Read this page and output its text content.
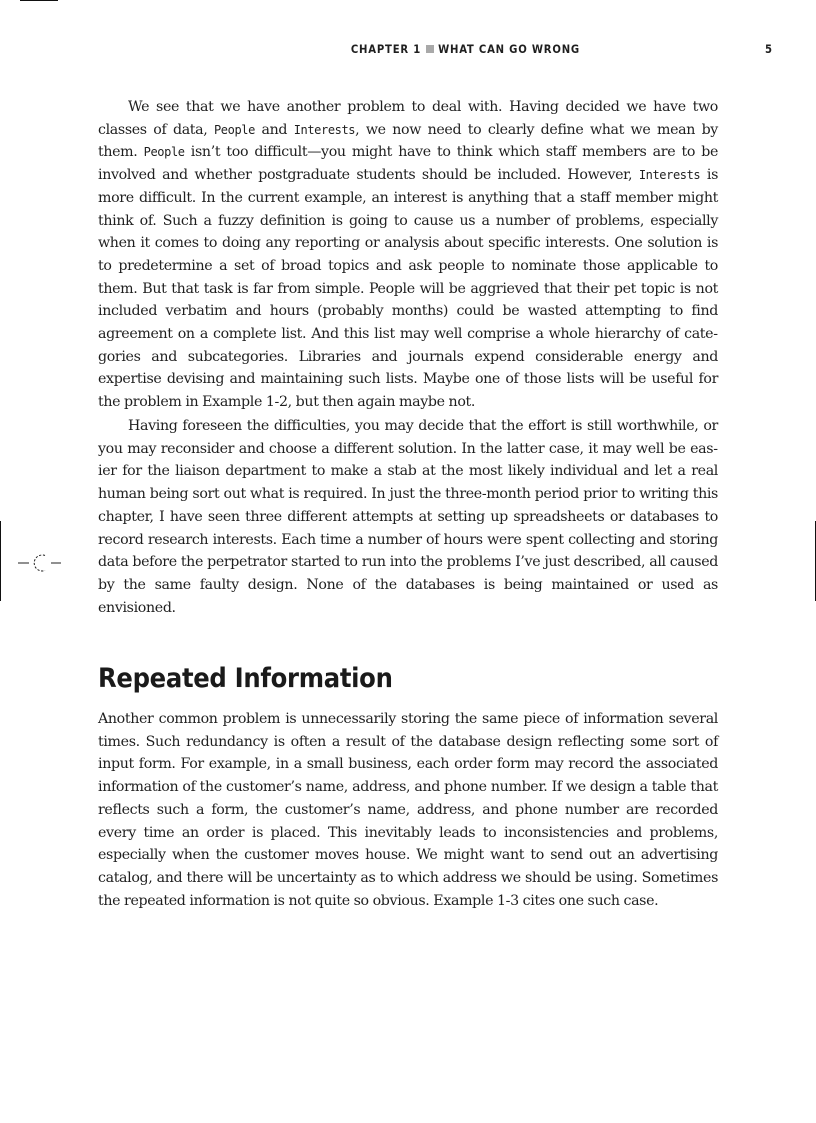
CHAPTER 1 WHAT CAN GO WRONG	5

We see that we have another problem to deal with. Having decided we have two classes of data, People and Interests, we now need to clearly define what we mean by them. People isn’t too difficult—you might have to think which staff members are to be involved and whether postgraduate students should be included. However, Interests is more difficult. In the current example, an interest is anything that a staff member might think of. Such a fuzzy definition is going to cause us a number of problems, especially when it comes to doing any reporting or analysis about specific interests. One solution is to predetermine a set of broad topics and ask people to nominate those applicable to them. But that task is far from simple. People will be aggrieved that their pet topic is not included verbatim and hours (probably months) could be wasted attempting to find agreement on a complete list. And this list may well comprise a whole hierarchy of categories and subcategories. Libraries and journals expend considerable energy and expertise devising and maintaining such lists. Maybe one of those lists will be useful for the problem in Example 1-2, but then again maybe not.

Having foreseen the difficulties, you may decide that the effort is still worthwhile, or you may reconsider and choose a different solution. In the latter case, it may well be easier for the liaison department to make a stab at the most likely individual and let a real human being sort out what is required. In just the three-month period prior to writing this chapter, I have seen three different attempts at setting up spreadsheets or databases to record research interests. Each time a number of hours were spent collecting and storing data before the perpetrator started to run into the problems I’ve just described, all caused by the same faulty design. None of the databases is being maintained or used as envisioned.

Repeated Information

Another common problem is unnecessarily storing the same piece of information several times. Such redundancy is often a result of the database design reflecting some sort of input form. For example, in a small business, each order form may record the associated information of the customer’s name, address, and phone number. If we design a table that reflects such a form, the customer’s name, address, and phone number are recorded every time an order is placed. This inevitably leads to inconsistencies and problems, especially when the customer moves house. We might want to send out an advertising catalog, and there will be uncertainty as to which address we should be using. Sometimes the repeated information is not quite so obvious. Example 1-3 cites one such case.
